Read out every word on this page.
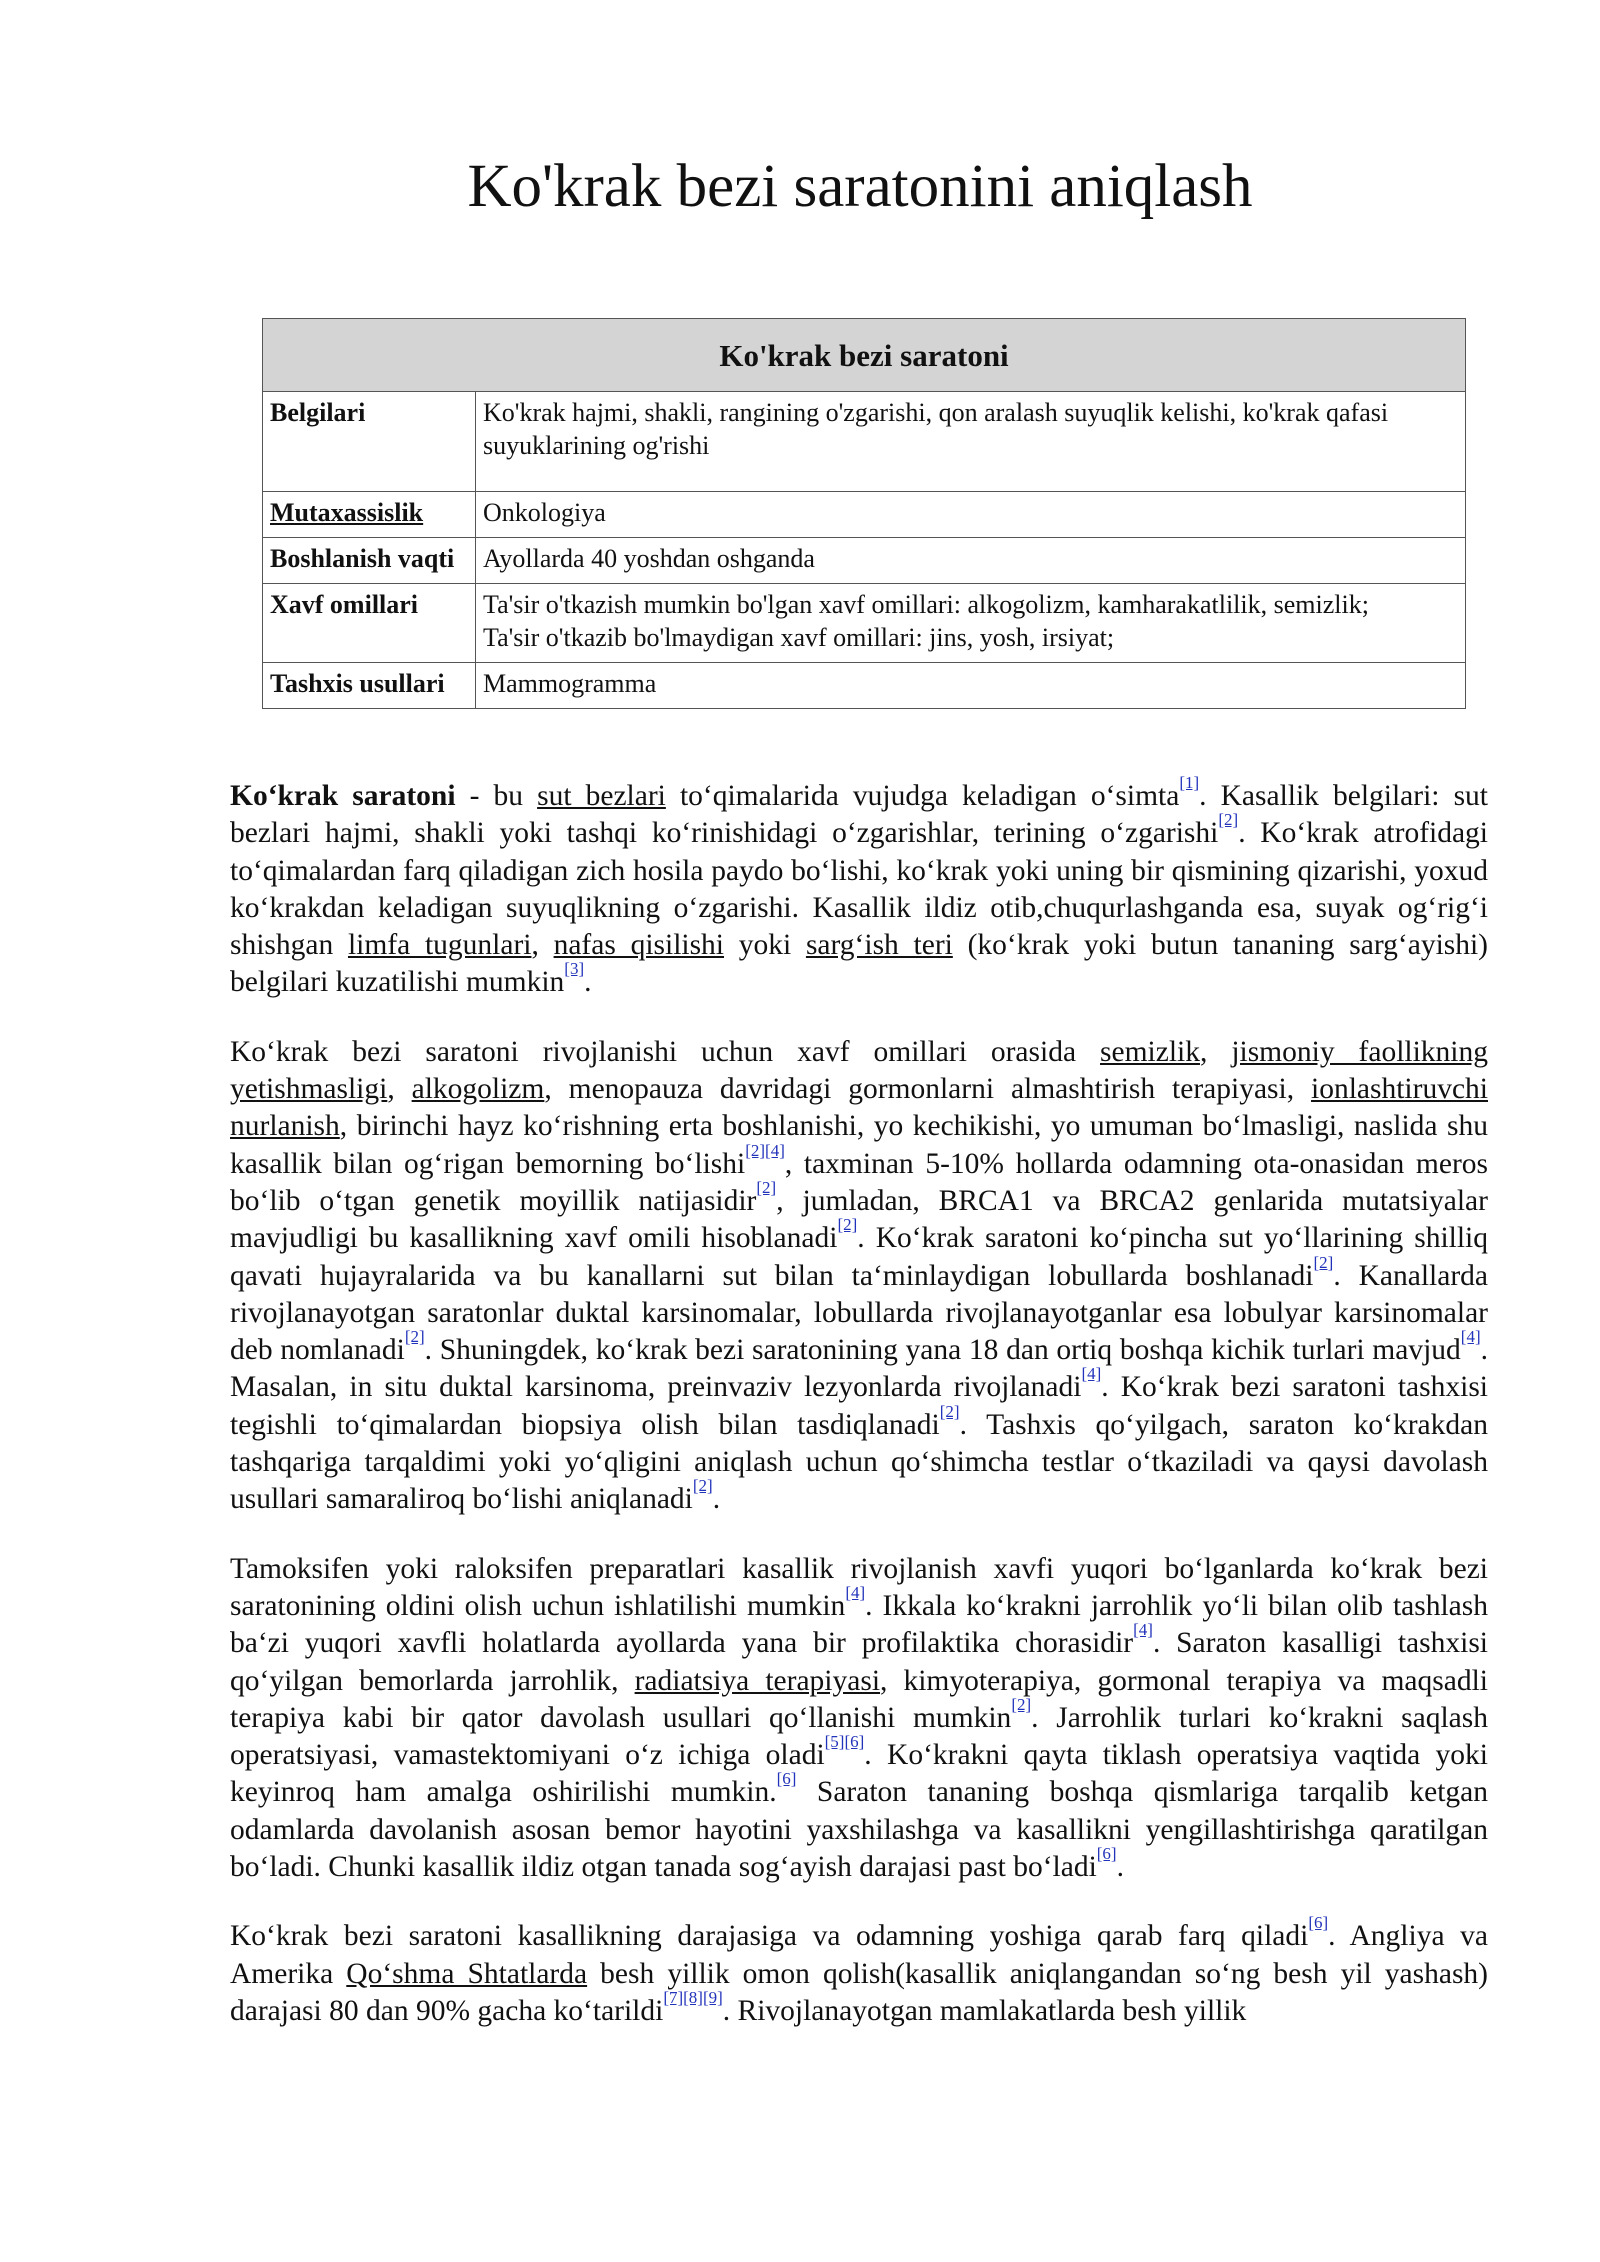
Ko'krak bezi saratonini aniqlash
Ko'krak bezi saratoni	
Belgilari	Ko'krak hajmi, shakli, rangining o'zgarishi, qon aralash suyuqlik kelishi, ko'krak qafasi suyuklarining og'rishi
Mutaxassislik	Onkologiya
Boshlanish vaqti	Ayollarda 40 yoshdan oshganda
Xavf omillari	Ta'sir o'tkazish mumkin bo'lgan xavf omillari: alkogolizm, kamharakatlilik, semizlik;
Ta'sir o'tkazib bo'lmaydigan xavf omillari: jins, yosh, irsiyat;

Tashxis usullari	Mammogramma

Ko‘krak saratoni - bu sut bezlari to‘qimalarida vujudga keladigan o‘simta[1]. Kasallik belgilari: sut bezlari hajmi, shakli yoki tashqi ko‘rinishidagi o‘zgarishlar, terining o‘zgarishi[2]. Ko‘krak atrofidagi to‘qimalardan farq qiladigan zich hosila paydo bo‘lishi, ko‘krak yoki uning bir qismining qizarishi, yoxud ko‘krakdan keladigan suyuqlikning o‘zgarishi. Kasallik ildiz otib,chuqurlashganda esa, suyak og‘rig‘i shishgan limfa tugunlari, nafas qisilishi yoki sarg‘ish teri (ko‘krak yoki butun tananing sarg‘ayishi) belgilari kuzatilishi mumkin[3].

Ko‘krak bezi saratoni rivojlanishi uchun xavf omillari orasida semizlik, jismoniy faollikning yetishmasligi, alkogolizm, menopauza davridagi gormonlarni almashtirish terapiyasi, ionlashtiruvchi nurlanish, birinchi hayz ko‘rishning erta boshlanishi, yo kechikishi, yo umuman bo‘lmasligi, naslida shu kasallik bilan og‘rigan bemorning bo‘lishi[2][4], taxminan 5-10% hollarda odamning ota-onasidan meros bo‘lib o‘tgan genetik moyillik natijasidir[2], jumladan, BRCA1 va BRCA2 genlarida mutatsiyalar mavjudligi bu kasallikning xavf omili hisoblanadi[2]. Ko‘krak saratoni ko‘pincha sut yo‘llarining shilliq qavati hujayralarida va bu kanallarni sut bilan ta‘minlaydigan lobullarda boshlanadi[2]. Kanallarda rivojlanayotgan saratonlar duktal karsinomalar, lobullarda rivojlanayotganlar esa lobulyar karsinomalar deb nomlanadi[2]. Shuningdek, ko‘krak bezi saratonining yana 18 dan ortiq boshqa kichik turlari mavjud[4]. Masalan, in situ duktal karsinoma, preinvaziv lezyonlarda rivojlanadi[4]. Ko‘krak bezi saratoni tashxisi tegishli to‘qimalardan biopsiya olish bilan tasdiqlanadi[2]. Tashxis qo‘yilgach, saraton ko‘krakdan tashqariga tarqaldimi yoki yo‘qligini aniqlash uchun qo‘shimcha testlar o‘tkaziladi va qaysi davolash usullari samaraliroq bo‘lishi aniqlanadi[2].

Tamoksifen yoki raloksifen preparatlari kasallik rivojlanish xavfi yuqori bo‘lganlarda ko‘krak bezi saratonining oldini olish uchun ishlatilishi mumkin[4]. Ikkala ko‘krakni jarrohlik yo‘li bilan olib tashlash ba‘zi yuqori xavfli holatlarda ayollarda yana bir profilaktika chorasidir[4]. Saraton kasalligi tashxisi qo‘yilgan bemorlarda jarrohlik, radiatsiya terapiyasi, kimyoterapiya, gormonal terapiya va maqsadli terapiya kabi bir qator davolash usullari qo‘llanishi mumkin[2]. Jarrohlik turlari ko‘krakni saqlash operatsiyasi, vamastektomiyani o‘z ichiga oladi[5][6]. Ko‘krakni qayta tiklash operatsiya vaqtida yoki keyinroq ham amalga oshirilishi mumkin.[6] Saraton tananing boshqa qismlariga tarqalib ketgan odamlarda davolanish asosan bemor hayotini yaxshilashga va kasallikni yengillashtirishga qaratilgan bo‘ladi. Chunki kasallik ildiz otgan tanada sog‘ayish darajasi past bo‘ladi[6].

Ko‘krak bezi saratoni kasallikning darajasiga va odamning yoshiga qarab farq qiladi[6]. Angliya va Amerika Qo‘shma Shtatlarda besh yillik omon qolish(kasallik aniqlangandan so‘ng besh yil yashash) darajasi 80 dan 90% gacha ko‘tarildi[7][8][9]. Rivojlanayotgan mamlakatlarda besh yillik
